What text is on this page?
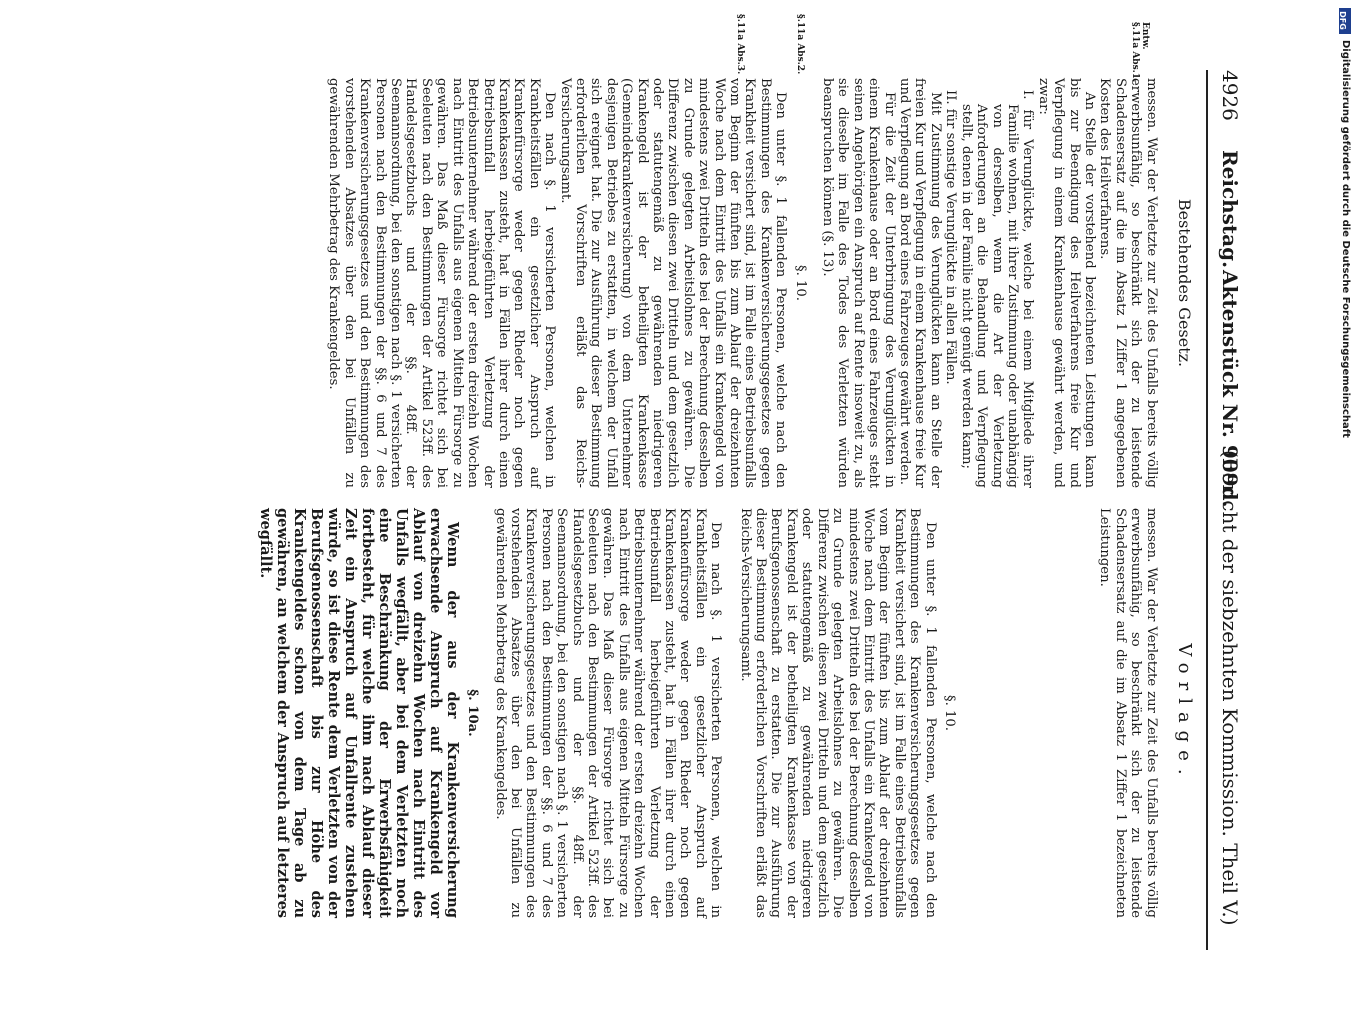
4926
Reichstag.
Aktenstück Nr. 909d.
(Bericht der siebzehnten Kommission. Theil V.)
Entw.
§.11a Abs.1.
§.11a Abs.2.
§.11a Abs.3.

Bestehendes Gesetz.

messen. War der Verletzte zur Zeit des Unfalls bereits völlig erwerbsunfähig, so beschränkt sich der zu leistende Schadensersatz auf die im Absatz 1 Ziffer 1 angegebenen Kosten des Heilverfahrens.

An Stelle der vorstehend bezeichneten Leistungen kann bis zur Beendigung des Heilverfahrens freie Kur und Verpflegung in einem Krankenhause gewährt werden, und zwar:

I. für Verunglückte, welche bei einem Mitgliede ihrer Familie wohnen, mit ihrer Zustimmung oder unabhängig von derselben, wenn die Art der Verletzung Anforderungen an die Behandlung und Verpflegung stellt, denen in der Familie nicht genügt werden kann;

II. für sonstige Verunglückte in allen Fällen.

Mit Zustimmung des Verunglückten kann an Stelle der freien Kur und Verpflegung in einem Krankenhause freie Kur und Verpflegung an Bord eines Fahrzeuges gewährt werden.

Für die Zeit der Unterbringung des Verunglückten in einem Krankenhause oder an Bord eines Fahrzeuges steht seinen Angehörigen ein Anspruch auf Rente insoweit zu, als sie dieselbe im Falle des Todes des Verletzten würden beanspruchen können (§. 13).

§. 10.

Den unter §. 1 fallenden Personen, welche nach den Bestimmungen des Krankenversicherungsgesetzes gegen Krankheit versichert sind, ist im Falle eines Betriebsunfalls vom Beginn der fünften bis zum Ablauf der dreizehnten Woche nach dem Eintritt des Unfalls ein Krankengeld von mindestens zwei Dritteln des bei der Berechnung desselben zu Grunde gelegten Arbeitslohnes zu gewähren. Die Differenz zwischen diesen zwei Dritteln und dem gesetzlich oder statutengemäß zu gewährenden niedrigeren Krankengeld ist der betheiligten Krankenkasse (Gemeindekrankenversicherung) von dem Unternehmer desjenigen Betriebes zu erstatten, in welchem der Unfall sich ereignet hat. Die zur Ausführung dieser Bestimmung erforderlichen Vorschriften erläßt das Reichs-Versicherungsamt.

Den nach §. 1 versicherten Personen, welchen in Krankheitsfällen ein gesetzlicher Anspruch auf Krankenfürsorge weder gegen Rheder noch gegen Krankenkassen zusteht, hat in Fällen ihrer durch einen Betriebsunfall herbeigeführten Verletzung der Betriebsunternehmer während der ersten dreizehn Wochen nach Eintritt des Unfalls aus eigenen Mitteln Fürsorge zu gewähren. Das Maß dieser Fürsorge richtet sich bei Seeleuten nach den Bestimmungen der Artikel 523ff. des Handelsgesetzbuchs und der §§. 48ff. der Seemannsordnung, bei den sonstigen nach §. 1 versicherten Personen nach den Bestimmungen der §§. 6 und 7 des Krankenversicherungsgesetzes und den Bestimmungen des vorstehenden Absatzes über den bei Unfällen zu gewährenden Mehrbetrag des Krankengeldes.

Vorlage.

messen. War der Verletzte zur Zeit des Unfalls bereits völlig erwerbsunfähig, so beschränkt sich der zu leistende Schadensersatz auf die im Absatz 1 Ziffer 1 bezeichneten Leistungen.

§. 10.

Den unter §. 1 fallenden Personen, welche nach den Bestimmungen des Krankenversicherungsgesetzes gegen Krankheit versichert sind, ist im Falle eines Betriebsunfalls vom Beginn der fünften bis zum Ablauf der dreizehnten Woche nach dem Eintritt des Unfalls ein Krankengeld von mindestens zwei Dritteln des bei der Berechnung desselben zu Grunde gelegten Arbeitslohnes zu gewähren. Die Differenz zwischen diesen zwei Dritteln und dem gesetzlich oder statutengemäß zu gewährenden niedrigeren Krankengeld ist der betheiligten Krankenkasse von der Berufsgenossenschaft zu erstatten. Die zur Ausführung dieser Bestimmung erforderlichen Vorschriften erläßt das Reichs-Versicherungsamt.

Den nach §. 1 versicherten Personen, welchen in Krankheitsfällen ein gesetzlicher Anspruch auf Krankenfürsorge weder gegen Rheder noch gegen Krankenkassen zusteht, hat in Fällen ihrer durch einen Betriebsunfall herbeigeführten Verletzung der Betriebsunternehmer während der ersten dreizehn Wochen nach Eintritt des Unfalls aus eigenen Mitteln Fürsorge zu gewähren. Das Maß dieser Fürsorge richtet sich bei Seeleuten nach den Bestimmungen der Artikel 523ff. des Handelsgesetzbuchs und der §§. 48ff. der Seemannsordnung, bei den sonstigen nach §. 1 versicherten Personen nach den Bestimmungen der §§. 6 und 7 des Krankenversicherungsgesetzes und den Bestimmungen des vorstehenden Absatzes über den bei Unfällen zu gewährenden Mehrbetrag des Krankengeldes.

§. 10a.

Wenn der aus der Krankenversicherung erwachsende Anspruch auf Krankengeld vor Ablauf von dreizehn Wochen nach Eintritt des Unfalls wegfällt, aber bei dem Verletzten noch eine Beschränkung der Erwerbsfähigkeit fortbesteht, für welche ihm nach Ablauf dieser Zeit ein Anspruch auf Unfallrente zustehen würde, so ist diese Rente dem Verletzten von der Berufsgenossenschaft bis zur Höhe des Krankengeldes schon von dem Tage ab zu gewähren, an welchem der Anspruch auf letzteres wegfällt.

DFG
Digitalisierung gefördert durch die Deutsche Forschungsgemeinschaft
